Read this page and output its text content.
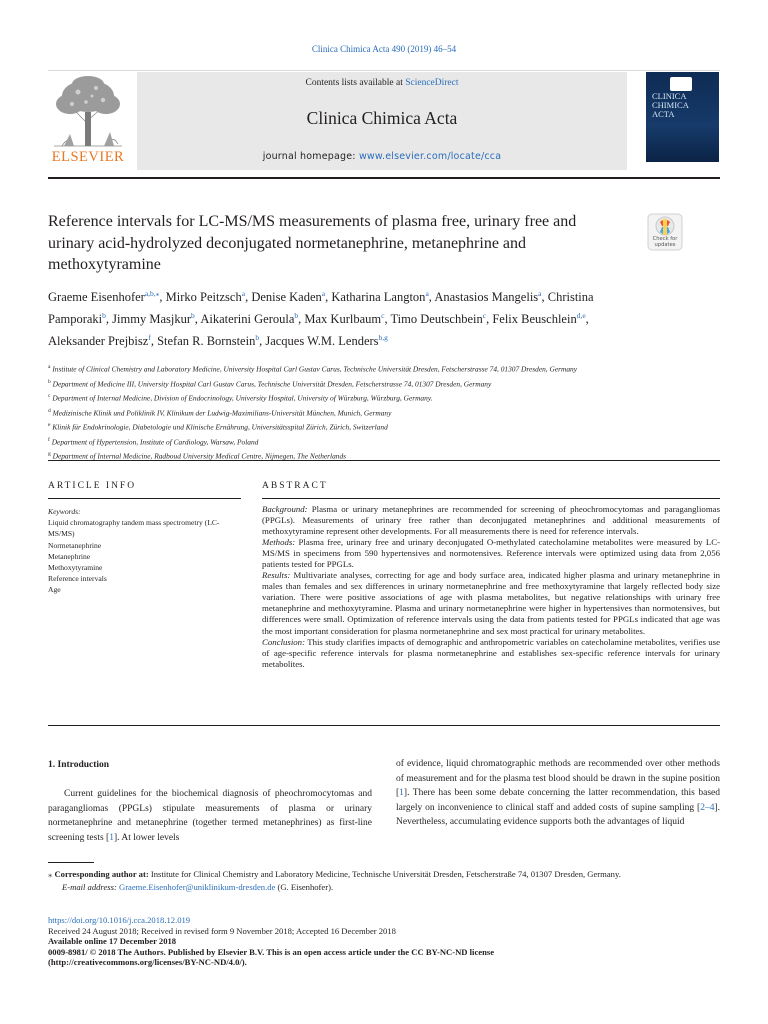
Clinica Chimica Acta 490 (2019) 46–54
ELSEVIER
Contents lists available at ScienceDirect
Clinica Chimica Acta
journal homepage: www.elsevier.com/locate/cca
CLINICA
CHIMICA
ACTA
Reference intervals for LC-MS/MS measurements of plasma free, urinary free and urinary acid-hydrolyzed deconjugated normetanephrine, metanephrine and methoxytyramine
Check for updates
Graeme Eisenhofer$^{a,b,⁎}$, Mirko Peitzsch$^a$, Denise Kaden$^a$, Katharina Langton$^a$, Anastasios Mangelis$^a$, Christina Pamporaki$^b$, Jimmy Masjkur$^b$, Aikaterini Geroula$^b$, Max Kurlbaum$^c$, Timo Deutschbein$^c$, Felix Beuschlein$^{d,e}$, Aleksander Prejbisz$^f$, Stefan R. Bornstein$^b$, Jacques W.M. Lenders$^{b,g}$
$^a$ Institute of Clinical Chemistry and Laboratory Medicine, University Hospital Carl Gustav Carus, Technische Universität Dresden, Fetscherstrasse 74, 01307 Dresden, Germany
$^b$ Department of Medicine III, University Hospital Carl Gustav Carus, Technische Universität Dresden, Fetscherstrasse 74, 01307 Dresden, Germany
$^c$ Department of Internal Medicine, Division of Endocrinology, University Hospital, University of Würzburg, Würzburg, Germany.
$^d$ Medizinische Klinik und Poliklinik IV, Klinikum der Ludwig-Maximilians-Universität München, Munich, Germany
$^e$ Klinik für Endokrinologie, Diabetologie und Klinische Ernährung, Universitätsspital Zürich, Zürich, Switzerland
$^f$ Department of Hypertension, Institute of Cardiology, Warsaw, Poland
$^g$ Department of Internal Medicine, Radboud University Medical Centre, Nijmegen, The Netherlands
ARTICLE INFO	ABSTRACT
Keywords:
Liquid chromatography tandem mass spectrometry (LC-MS/MS)
Normetanephrine
Metanephrine
Methoxytyramine
Reference intervals
Age
Background: Plasma or urinary metanephrines are recommended for screening of pheochromocytomas and paragangliomas (PPGLs). Measurements of urinary free rather than deconjugated metanephrines and additional measurements of methoxytyramine represent other developments. For all measurements there is need for reference intervals.
Methods: Plasma free, urinary free and urinary deconjugated O-methylated catecholamine metabolites were measured by LC-MS/MS in specimens from 590 hypertensives and normotensives. Reference intervals were optimized using data from 2,056 patients tested for PPGLs.
Results: Multivariate analyses, correcting for age and body surface area, indicated higher plasma and urinary metanephrine in males than females and sex differences in urinary normetanephrine and free methoxytyramine that largely reflected body size variation. There were positive associations of age with plasma metabolites, but negative relationships with urinary free metanephrine and methoxytyramine. Plasma and urinary normetanephrine were higher in hypertensives than normotensives, but differences were small. Optimization of reference intervals using the data from patients tested for PPGLs indicated that age was the most important consideration for plasma normetanephrine and sex most practical for urinary metabolites.
Conclusion: This study clarifies impacts of demographic and anthropometric variables on catecholamine metabolites, verifies use of age-specific reference intervals for plasma normetanephrine and establishes sex-specific reference intervals for urinary metabolites.
1. Introduction
Current guidelines for the biochemical diagnosis of pheochromocytomas and paragangliomas (PPGLs) stipulate measurements of plasma or urinary normetanephrine and metanephrine (together termed metanephrines) as first-line screening tests [1]. At lower levels
of evidence, liquid chromatographic methods are recommended over other methods of measurement and for the plasma test blood should be drawn in the supine position [1]. There has been some debate concerning the latter recommendation, this based largely on inconvenience to clinical staff and added costs of supine sampling [2–4]. Nevertheless, accumulating evidence supports both the advantages of liquid
⁎ Corresponding author at: Institute for Clinical Chemistry and Laboratory Medicine, Technische Universität Dresden, Fetscherstraße 74, 01307 Dresden, Germany.
E-mail address: Graeme.Eisenhofer@uniklinikum-dresden.de (G. Eisenhofer).
https://doi.org/10.1016/j.cca.2018.12.019
Received 24 August 2018; Received in revised form 9 November 2018; Accepted 16 December 2018
Available online 17 December 2018
0009-8981/ © 2018 The Authors. Published by Elsevier B.V. This is an open access article under the CC BY-NC-ND license
(http://creativecommons.org/licenses/BY-NC-ND/4.0/).
